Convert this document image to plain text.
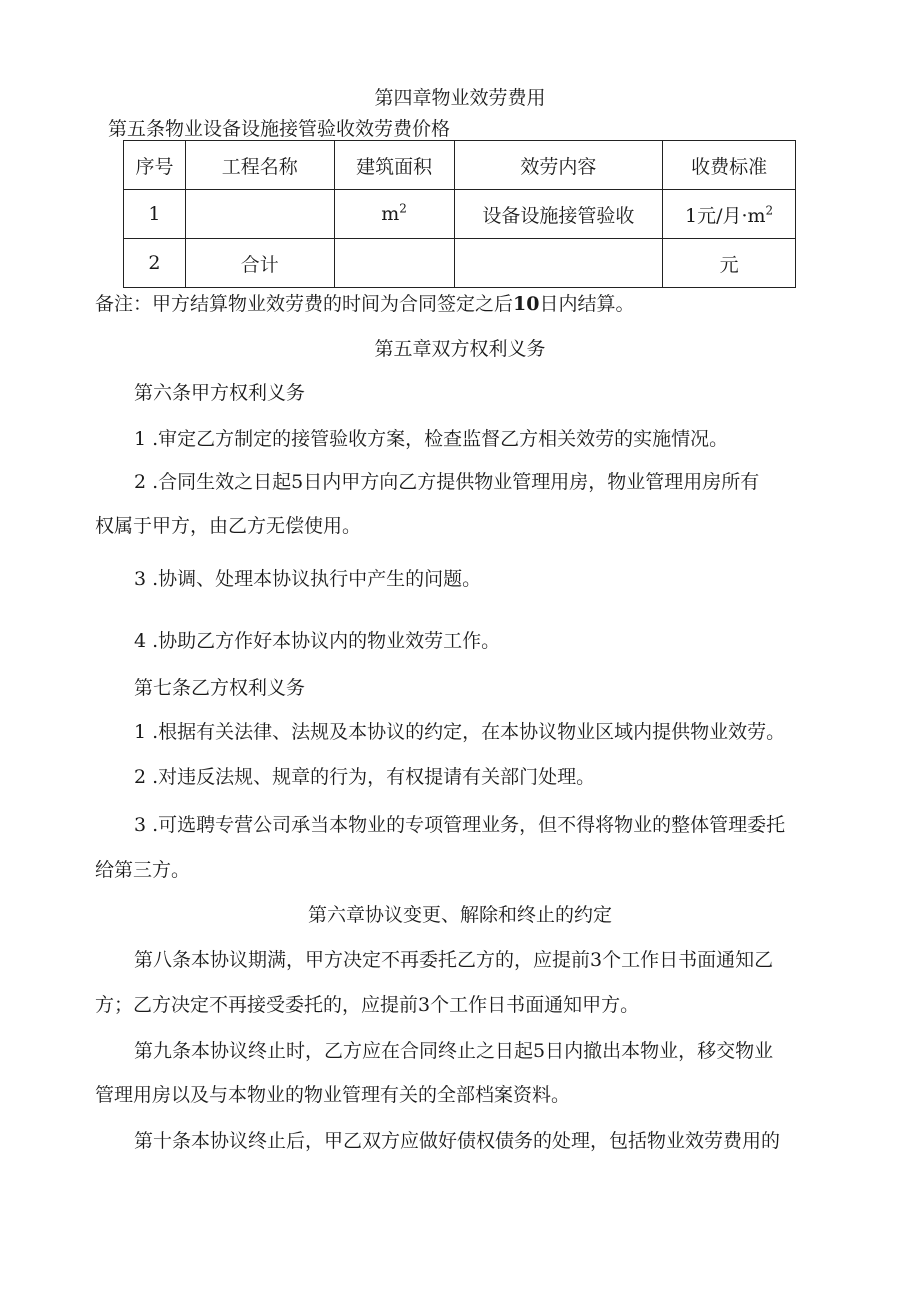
第四章物业效劳费用
第五条物业设备设施接管验收效劳费价格
序号	工程名称	建筑面积	效劳内容	收费标准
1		$m^2$	设备设施接管验收	1元/月$\cdot m^2$
2	合计			元
备注：甲方结算物业效劳费的时间为合同签定之后10日内结算。
第五章双方权利义务
第六条甲方权利义务
1 .审定乙方制定的接管验收方案，检查监督乙方相关效劳的实施情况。
2 .合同生效之日起5日内甲方向乙方提供物业管理用房，物业管理用房所有
权属于甲方，由乙方无偿使用。
3 .协调、处理本协议执行中产生的问题。
4 .协助乙方作好本协议内的物业效劳工作。
第七条乙方权利义务
1 .根据有关法律、法规及本协议的约定，在本协议物业区域内提供物业效劳。
2 .对违反法规、规章的行为，有权提请有关部门处理。
3 .可选聘专营公司承当本物业的专项管理业务，但不得将物业的整体管理委托
给第三方。
第六章协议变更、解除和终止的约定
第八条本协议期满，甲方决定不再委托乙方的，应提前3个工作日书面通知乙
方；乙方决定不再接受委托的，应提前3个工作日书面通知甲方。
第九条本协议终止时，乙方应在合同终止之日起5日内撤出本物业，移交物业
管理用房以及与本物业的物业管理有关的全部档案资料。
第十条本协议终止后，甲乙双方应做好债权债务的处理，包括物业效劳费用的
